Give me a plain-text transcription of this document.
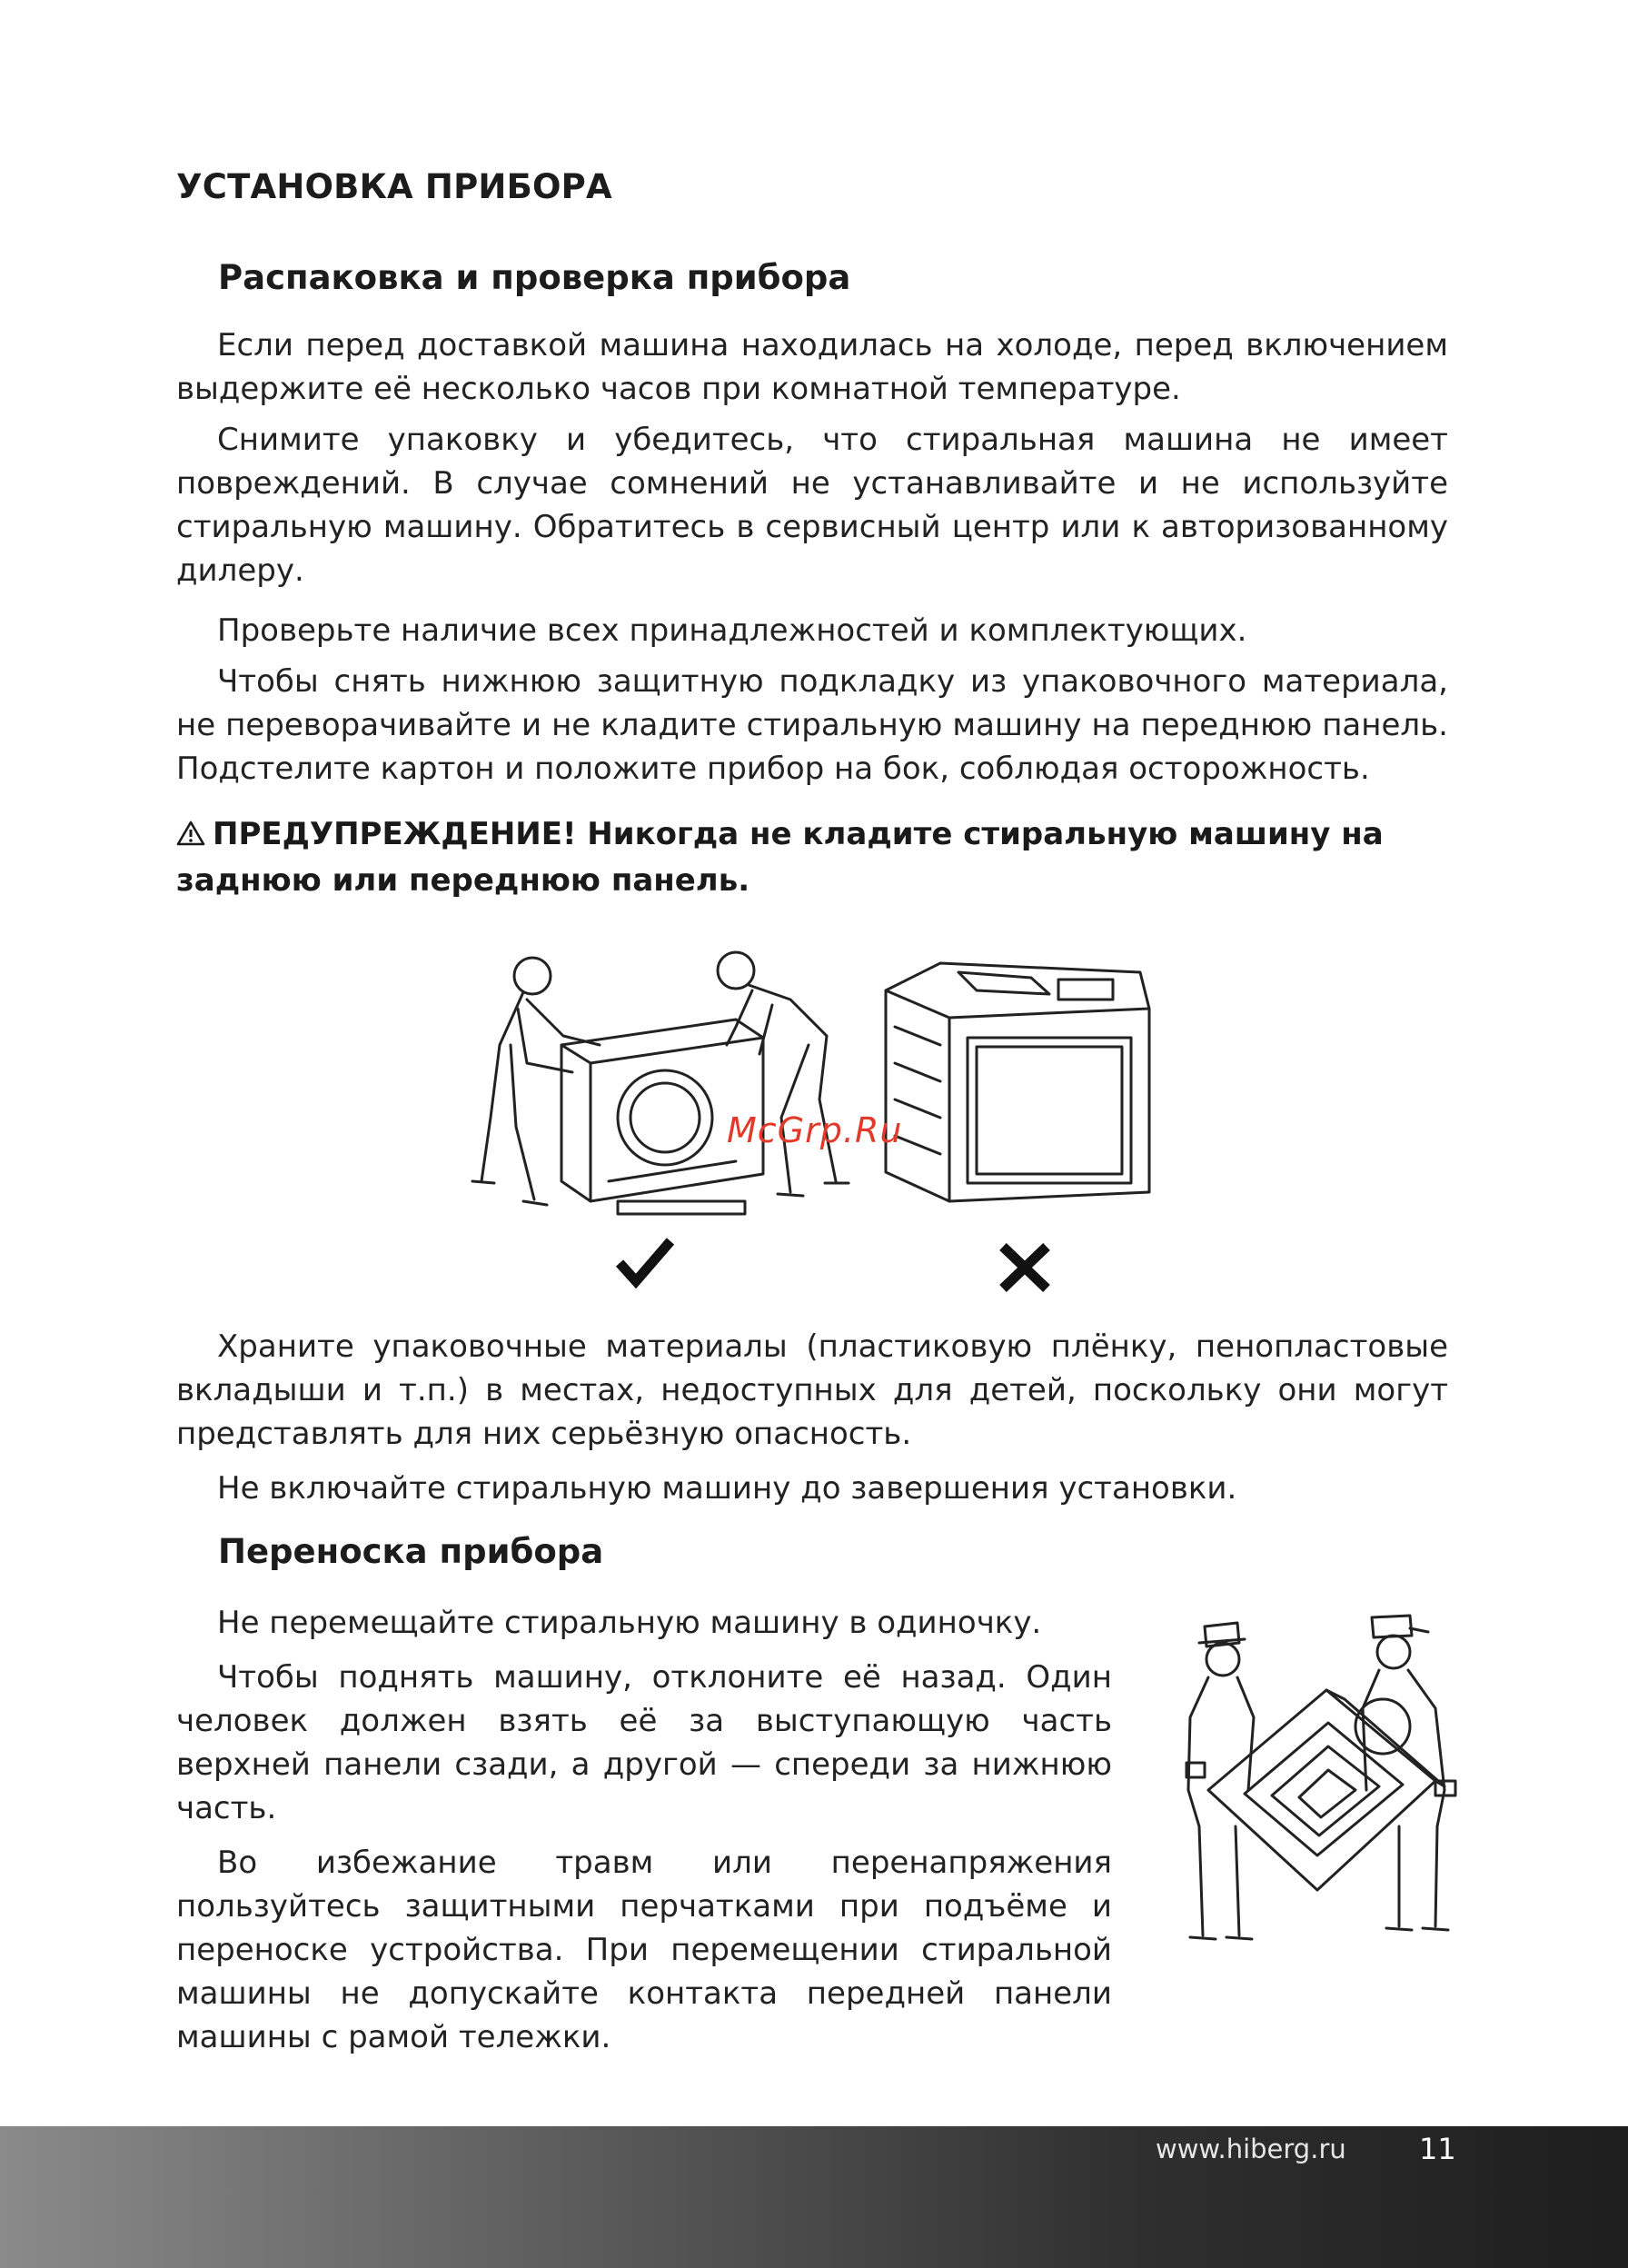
УСТАНОВКА ПРИБОРА
Распаковка и проверка прибора

Если перед доставкой машина находилась на холоде, перед включением выдержите её несколько часов при комнатной температуре.

Снимите упаковку и убедитесь, что стиральная машина не имеет повреждений. В случае сомнений не устанавливайте и не используйте стиральную машину. Обратитесь в сервисный центр или к авторизованному дилеру.

Проверьте наличие всех принадлежностей и комплектующих.

Чтобы снять нижнюю защитную подкладку из упаковочного материала, не переворачивайте и не кладите стиральную машину на переднюю панель. Подстелите картон и положите прибор на бок, соблюдая осторожность.

ПРЕДУПРЕЖДЕНИЕ! Никогда не кладите стиральную машину на заднюю или переднюю панель.

McGrp.Ru

Храните упаковочные материалы (пластиковую плёнку, пенопластовые вкладыши и т.п.) в местах, недоступных для детей, поскольку они могут представлять для них серьёзную опасность.

Не включайте стиральную машину до завершения установки.

Переноска прибора

Не перемещайте стиральную машину в одиночку.

Чтобы поднять машину, отклоните её назад. Один человек должен взять её за выступающую часть верхней панели сзади, а другой — спереди за нижнюю часть.

Во избежание травм или перенапряжения пользуйтесь защитными перчатками при подъёме и переноске устройства. При перемещении стиральной машины не допускайте контакта передней панели машины с рамой тележки.

www.hiberg.ru	11
